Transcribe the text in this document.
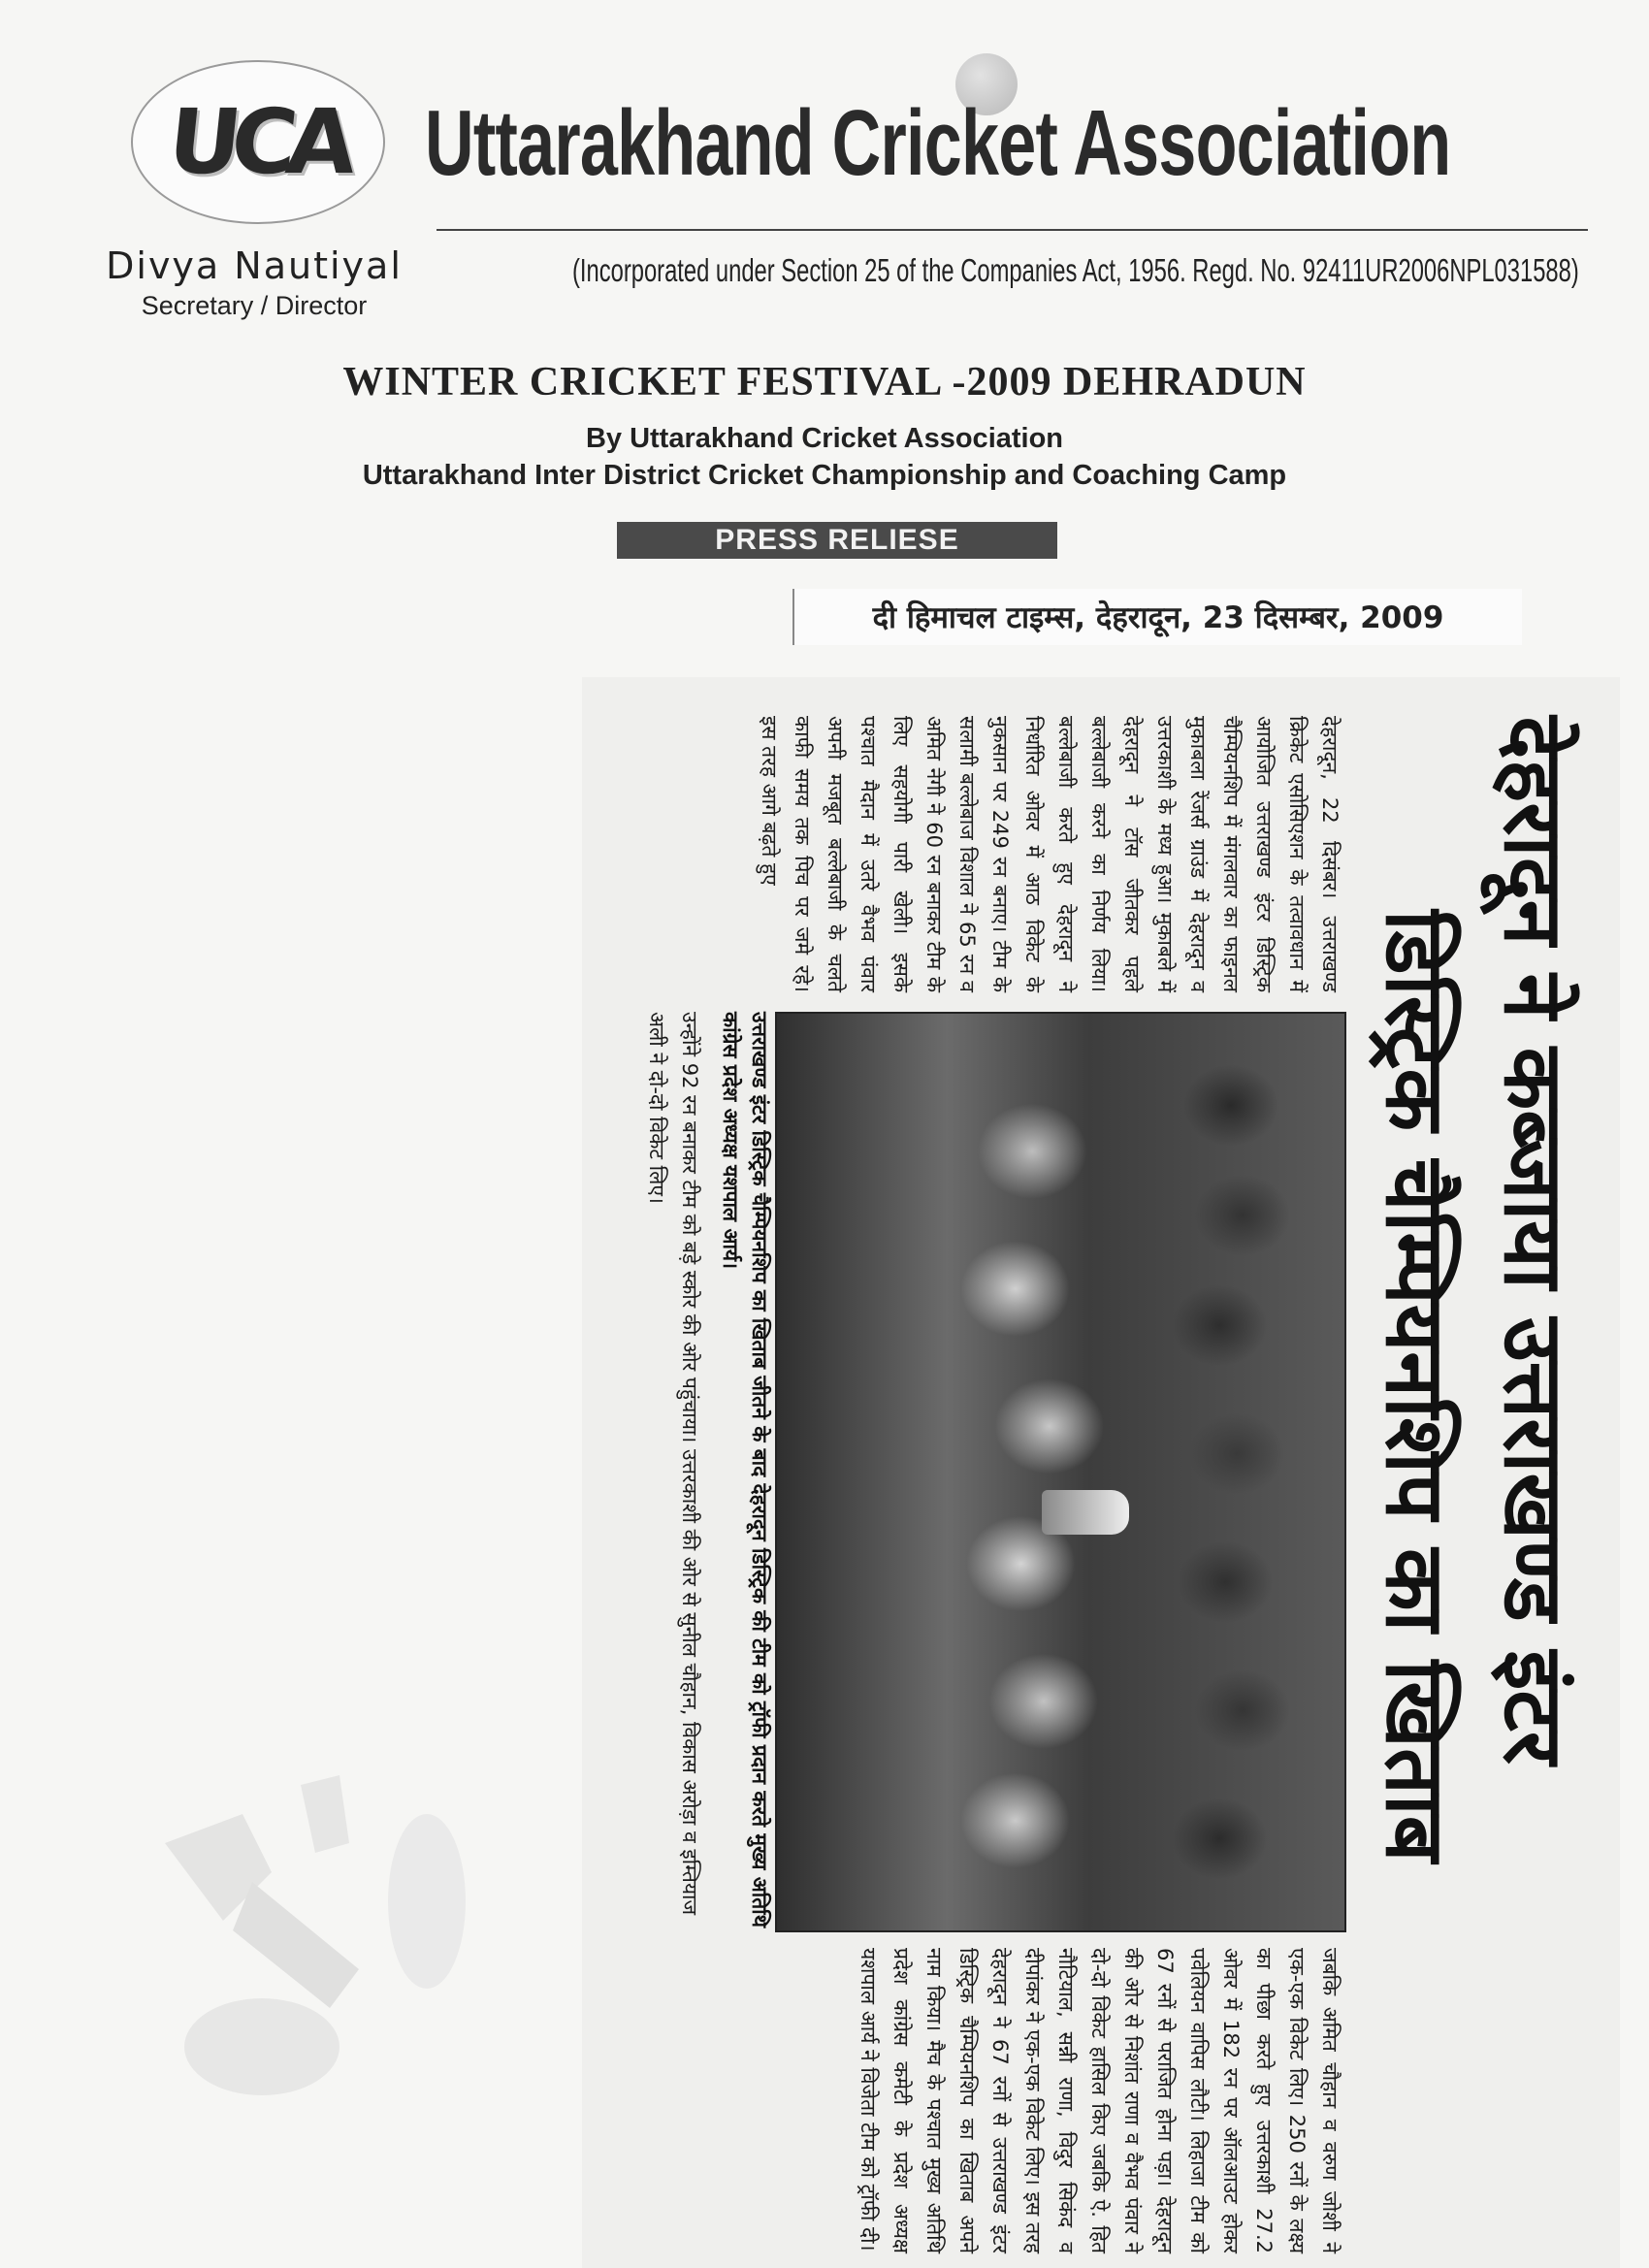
UCA Uttarakhand Cricket Association
(Incorporated under Section 25 of the Companies Act, 1956. Regd. No. 92411UR2006NPL031588)
Divya Nautiyal
Secretary / Director
WINTER CRICKET FESTIVAL -2009 DEHRADUN
By Uttarakhand Cricket Association
Uttarakhand Inter District Cricket Championship and Coaching Camp
PRESS RELIESE
दी हिमाचल टाइम्स, देहरादून, 23 दिसम्बर, 2009
देहरादून ने कब्जाया उत्तराखण्ड इंटर
डिस्ट्रिक चैम्पियनशिप का खिताब
देहरादून, 22 दिसंबर। उत्तराखण्ड क्रिकेट एसोसिएशन के तत्वावधान में आयोजित उत्तराखण्ड इंटर डिस्ट्रिक चैम्पियनशिप में मंगलवार का फाइनल मुकाबला रेंजर्स ग्राउंड में देहरादून व उत्तरकाशी के मध्य हुआ। मुकाबले में देहरादून ने टॉस जीतकर पहले बल्लेबाजी करने का निर्णय लिया। बल्लेबाजी करते हुए देहरादून ने निर्धारित ओवर में आठ विकेट के नुकसान पर 249 रन बनाए। टीम के सलामी बल्लेबाज विशाल ने 65 रन व अमित नेगी ने 60 रन बनाकर टीम के लिए सहयोगी पारी खेली। इसके पश्चात मैदान में उतरे वैभव पंवार अपनी मजबूत बल्लेबाजी के चलते काफी समय तक पिच पर जमे रहे। इस तरह आगे बढ़ते हुए
उत्तराखण्ड इंटर डिस्ट्रिक चैम्पियनशिप का खिताब जीतने के बाद देहरादून डिस्ट्रिक की टीम को ट्रॉफी प्रदान करते मुख्य अतिथि कांग्रेस प्रदेश अध्यक्ष यशपाल आर्य।
उन्होंने 92 रन बनाकर टीम को बड़े स्कोर की ओर पहुंचाया। उत्तरकाशी की ओर से सुनील चौहान, विकास अरोड़ा व इम्तियाज अली ने दो-दो विकेट लिए।
जबकि अमित चौहान व वरुण जोशी ने एक-एक विकेट लिए। 250 रनों के लक्ष्य का पीछा करते हुए उत्तरकाशी 27.2 ओवर में 182 रन पर ऑलआउट होकर पवेलियन वापिस लौटी। लिहाजा टीम को 67 रनों से पराजित होना पड़ा। देहरादून की ओर से निशांत राणा व वैभव पंवार ने दो-दो विकेट हासिल किए जबकि ऐ. हित नौटियाल, सन्नी राणा, विदुर सिकंद व दीपांकर ने एक-एक विकेट लिए। इस तरह देहरादून ने 67 रनों से उत्तराखण्ड इंटर डिस्ट्रिक चैम्पियनशिप का खिताब अपने नाम किया। मैच के पश्चात मुख्य अतिथि प्रदेश कांग्रेस कमेटी के प्रदेश अध्यक्ष यशपाल आर्य ने विजेता टीम को ट्रॉफी दी।
